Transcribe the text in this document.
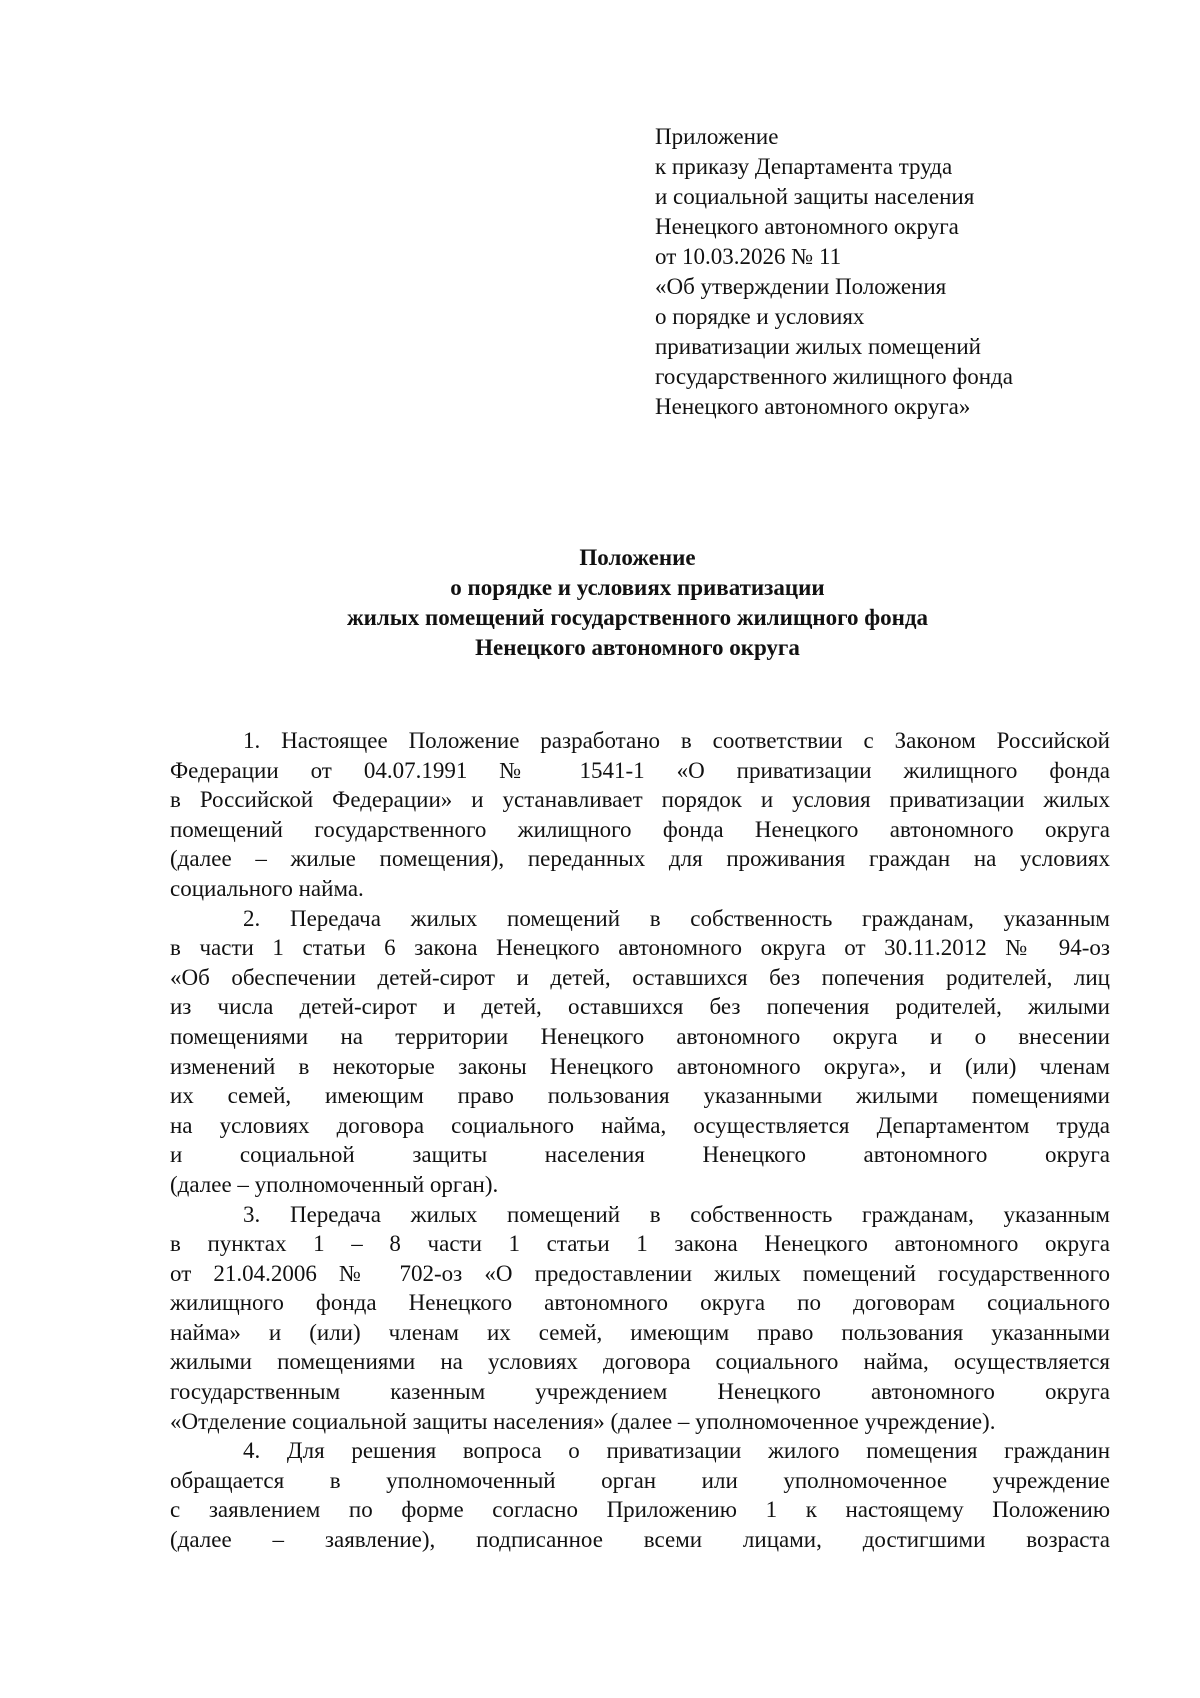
Приложение
к приказу Департамента труда
и социальной защиты населения
Ненецкого автономного округа
от 10.03.2026 № 11
«Об утверждении Положения
о порядке и условиях
приватизации жилых помещений
государственного жилищного фонда
Ненецкого автономного округа»
Положение
о порядке и условиях приватизации
жилых помещений государственного жилищного фонда
Ненецкого автономного округа
1. Настоящее Положение разработано в соответствии с Законом Российской
Федерации от 04.07.1991 № 1541-1 «О приватизации жилищного фонда
в Российской Федерации» и устанавливает порядок и условия приватизации жилых
помещений государственного жилищного фонда Ненецкого автономного округа
(далее – жилые помещения), переданных для проживания граждан на условиях
социального найма.
2. Передача жилых помещений в собственность гражданам, указанным
в части 1 статьи 6 закона Ненецкого автономного округа от 30.11.2012 № 94-оз
«Об обеспечении детей-сирот и детей, оставшихся без попечения родителей, лиц
из числа детей-сирот и детей, оставшихся без попечения родителей, жилыми
помещениями на территории Ненецкого автономного округа и о внесении
изменений в некоторые законы Ненецкого автономного округа», и (или) членам
их семей, имеющим право пользования указанными жилыми помещениями
на условиях договора социального найма, осуществляется Департаментом труда
и социальной защиты населения Ненецкого автономного округа
(далее – уполномоченный орган).
3. Передача жилых помещений в собственность гражданам, указанным
в пунктах 1 – 8 части 1 статьи 1 закона Ненецкого автономного округа
от 21.04.2006 № 702-оз «О предоставлении жилых помещений государственного
жилищного фонда Ненецкого автономного округа по договорам социального
найма» и (или) членам их семей, имеющим право пользования указанными
жилыми помещениями на условиях договора социального найма, осуществляется
государственным казенным учреждением Ненецкого автономного округа
«Отделение социальной защиты населения» (далее – уполномоченное учреждение).
4. Для решения вопроса о приватизации жилого помещения гражданин
обращается в уполномоченный орган или уполномоченное учреждение
с заявлением по форме согласно Приложению 1 к настоящему Положению
(далее – заявление), подписанное всеми лицами, достигшими возраста
